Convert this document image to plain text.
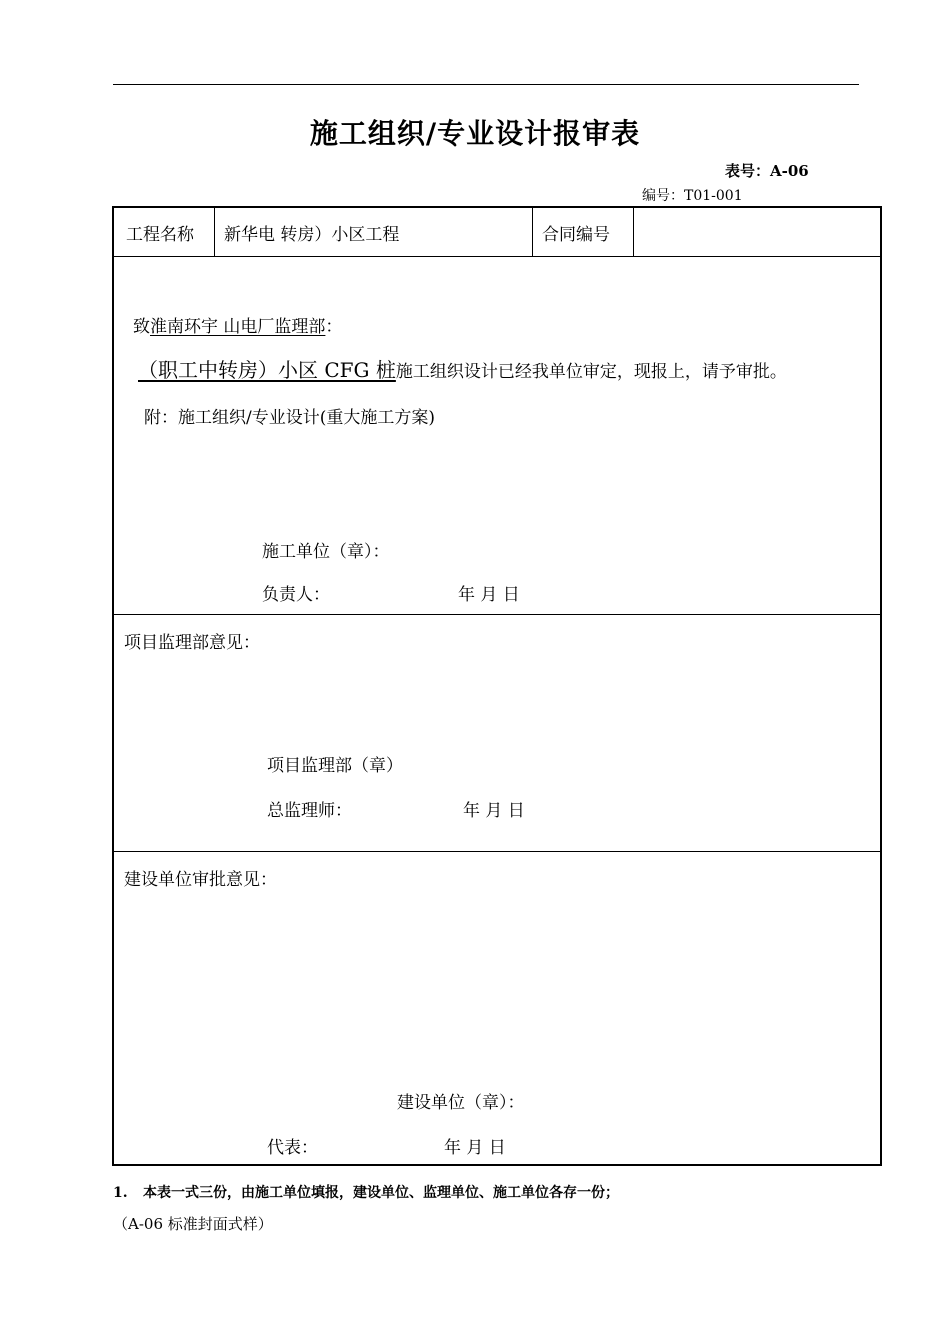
施工组织/专业设计报审表
表号：A-06
编号：T01-001
工程名称 新华电 转房）小区工程	合同编号
致淮南环宇 山电厂监理部：
（职工中转房）小区 CFG 桩施工组织设计已经我单位审定，现报上，请予审批。
附：施工组织/专业设计(重大施工方案)
施工单位（章）：
负责人：	年 月 日
项目监理部意见：
项目监理部（章）
总监理师：	年 月 日
建设单位审批意见：
建设单位（章）：
代表：	年 月 日
1. 本表一式三份，由施工单位填报，建设单位、监理单位、施工单位各存一份；
（A-06 标准封面式样）
